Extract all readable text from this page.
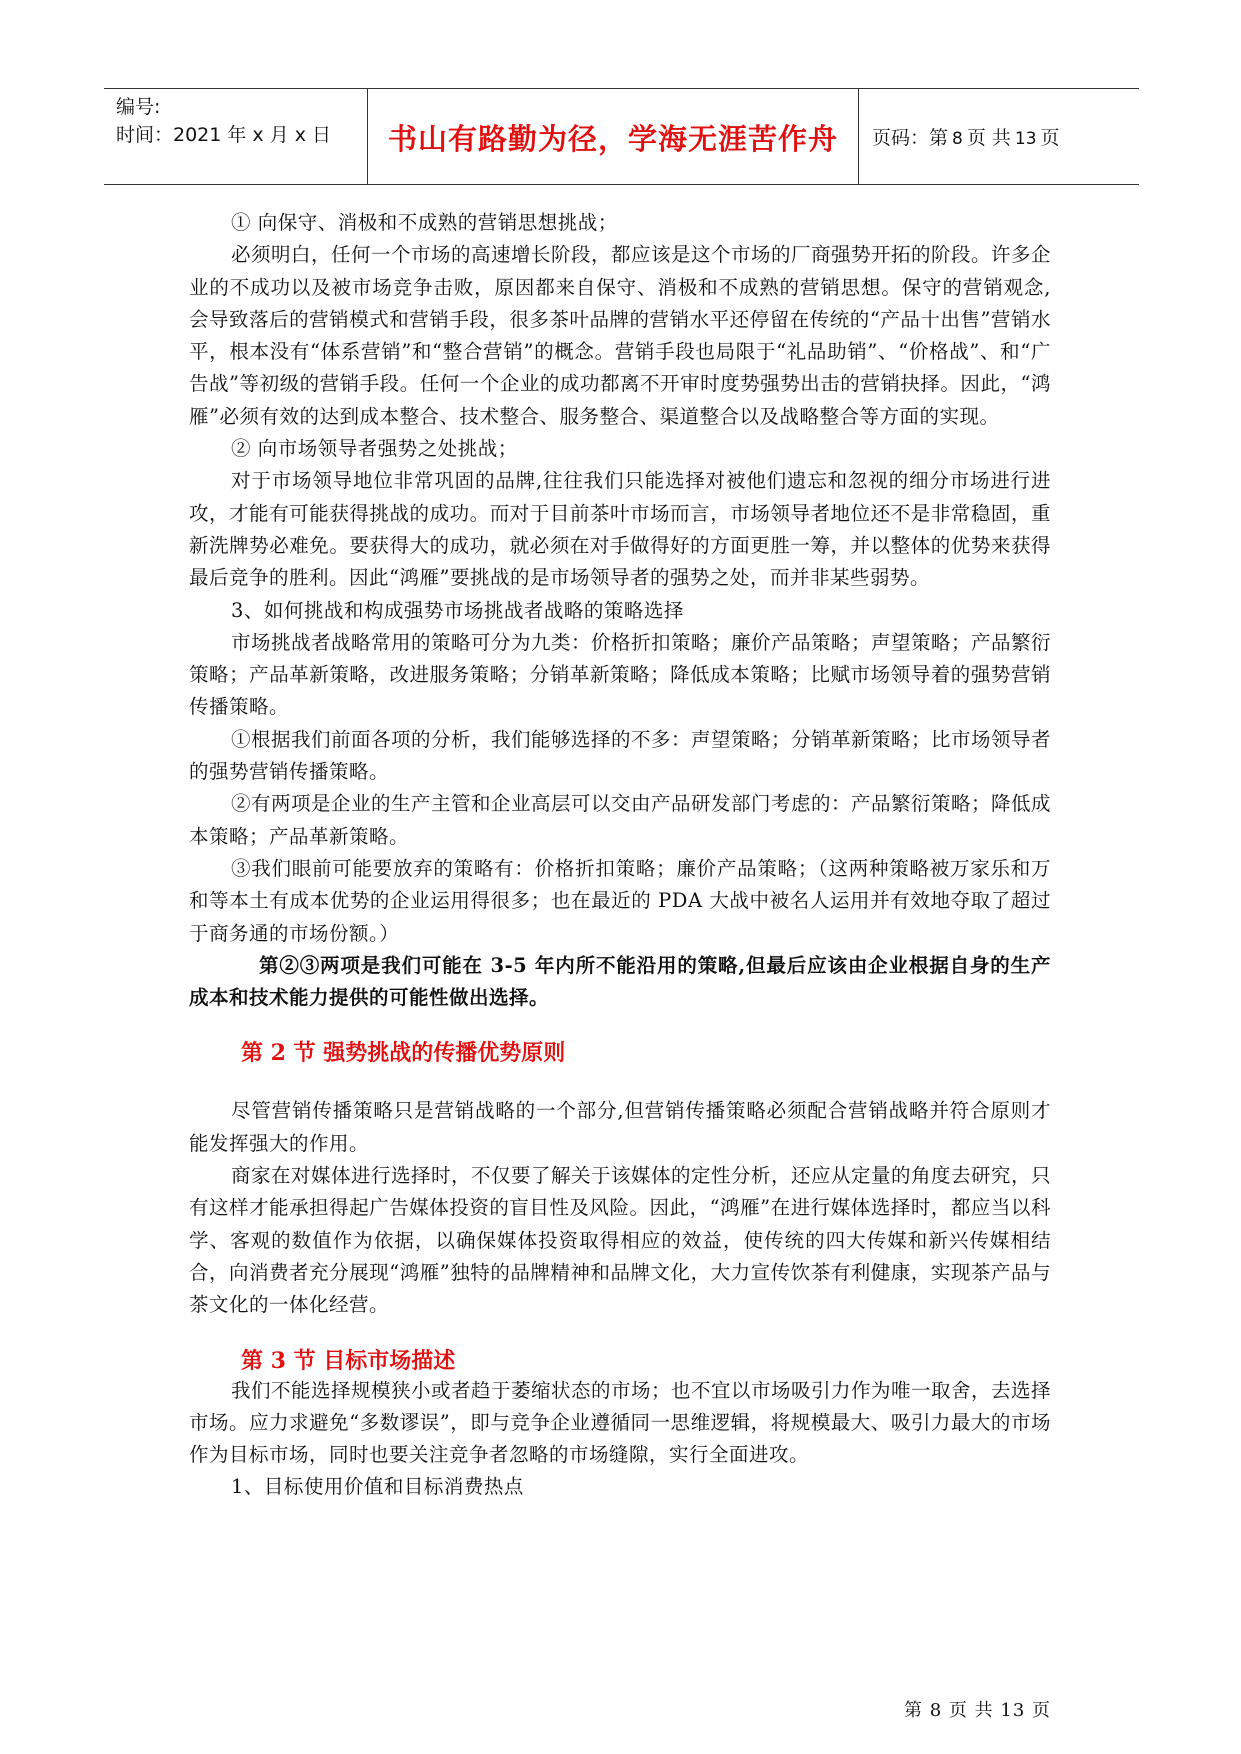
编号:
时间：2021 年 x 月 x 日	书山有路勤为径，学海无涯苦作舟	页码：第 8 页 共 13 页

① 向保守、消极和不成熟的营销思想挑战；

必须明白，任何一个市场的高速增长阶段，都应该是这个市场的厂商强势开拓的阶段。许多企业的不成功以及被市场竞争击败，原因都来自保守、消极和不成熟的营销思想。保守的营销观念,会导致落后的营销模式和营销手段，很多茶叶品牌的营销水平还停留在传统的“产品十出售”营销水平，根本没有“体系营销”和“整合营销”的概念。营销手段也局限于“礼品助销”、“价格战”、和“广告战”等初级的营销手段。任何一个企业的成功都离不开审时度势强势出击的营销抉择。因此，“鸿雁”必须有效的达到成本整合、技术整合、服务整合、渠道整合以及战略整合等方面的实现。

② 向市场领导者强势之处挑战；

对于市场领导地位非常巩固的品牌,往往我们只能选择对被他们遗忘和忽视的细分市场进行进攻，才能有可能获得挑战的成功。而对于目前茶叶市场而言，市场领导者地位还不是非常稳固，重新洗牌势必难免。要获得大的成功，就必须在对手做得好的方面更胜一筹，并以整体的优势来获得最后竞争的胜利。因此“鸿雁”要挑战的是市场领导者的强势之处，而并非某些弱势。

3、如何挑战和构成强势市场挑战者战略的策略选择

市场挑战者战略常用的策略可分为九类：价格折扣策略；廉价产品策略；声望策略；产品繁衍策略；产品革新策略，改进服务策略；分销革新策略；降低成本策略；比赋市场领导着的强势营销传播策略。

①根据我们前面各项的分析，我们能够选择的不多：声望策略；分销革新策略；比市场领导者的强势营销传播策略。

②有两项是企业的生产主管和企业高层可以交由产品研发部门考虑的：产品繁衍策略；降低成本策略；产品革新策略。

③我们眼前可能要放弃的策略有：价格折扣策略；廉价产品策略；（这两种策略被万家乐和万和等本土有成本优势的企业运用得很多；也在最近的 PDA 大战中被名人运用并有效地夺取了超过于商务通的市场份额。）

第②③两项是我们可能在 3-5 年内所不能沿用的策略,但最后应该由企业根据自身的生产成本和技术能力提供的可能性做出选择。

第 2 节 强势挑战的传播优势原则

尽管营销传播策略只是营销战略的一个部分,但营销传播策略必须配合营销战略并符合原则才能发挥强大的作用。

商家在对媒体进行选择时，不仅要了解关于该媒体的定性分析，还应从定量的角度去研究，只有这样才能承担得起广告媒体投资的盲目性及风险。因此，“鸿雁”在进行媒体选择时，都应当以科学、客观的数值作为依据，以确保媒体投资取得相应的效益，使传统的四大传媒和新兴传媒相结合，向消费者充分展现“鸿雁”独特的品牌精神和品牌文化，大力宣传饮茶有利健康，实现茶产品与茶文化的一体化经营。

第 3 节 目标市场描述

我们不能选择规模狭小或者趋于萎缩状态的市场；也不宜以市场吸引力作为唯一取舍，去选择市场。应力求避免“多数谬误”，即与竞争企业遵循同一思维逻辑，将规模最大、吸引力最大的市场作为目标市场，同时也要关注竞争者忽略的市场缝隙，实行全面进攻。

1、目标使用价值和目标消费热点

第 8 页 共 13 页
